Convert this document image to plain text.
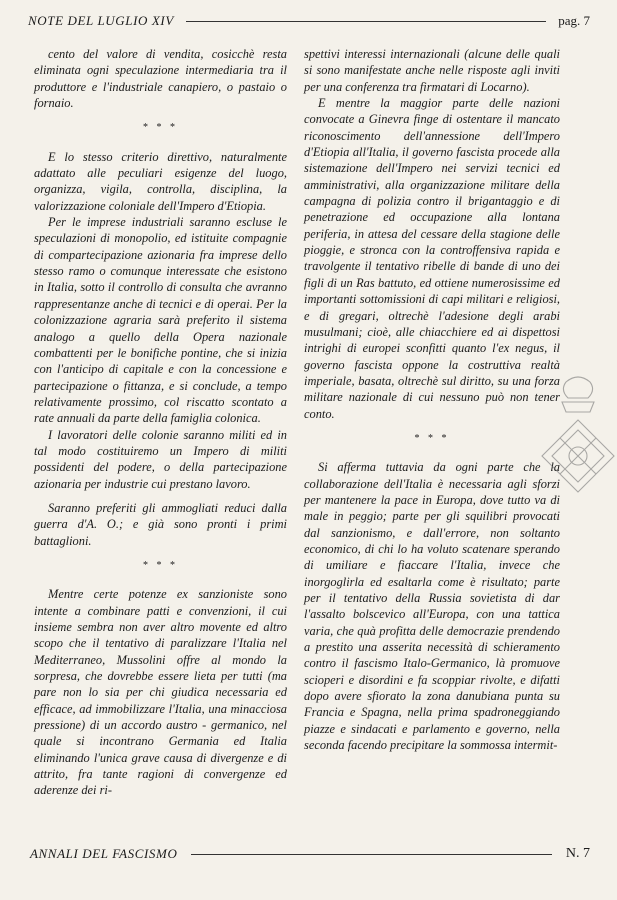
NOTE DEL LUGLIO XIV	pag. 7

cento del valore di vendita, cosicchè resta eliminata ogni speculazione intermediaria tra il produttore e l'industriale canapiero, o pastaio o fornaio.

* * *

E lo stesso criterio direttivo, naturalmente adattato alle peculiari esigenze del luogo, organizza, vigila, controlla, disciplina, la valorizzazione coloniale dell'Impero d'Etiopia.

Per le imprese industriali saranno escluse le speculazioni di monopolio, ed istituite compagnie di compartecipazione azionaria fra imprese dello stesso ramo o comunque interessate che esistono in Italia, sotto il controllo di consulta che avranno rappresentanze anche di tecnici e di operai. Per la colonizzazione agraria sarà preferito il sistema analogo a quello della Opera nazionale combattenti per le bonifiche pontine, che si inizia con l'anticipo di capitale e con la concessione e partecipazione o fittanza, e si conclude, a tempo relativamente prossimo, col riscatto scontato a rate annuali da parte della famiglia colonica.

I lavoratori delle colonie saranno militi ed in tal modo costituiremo un Impero di militi possidenti del podere, o della partecipazione azionaria per industrie cui prestano lavoro.

Saranno preferiti gli ammogliati reduci dalla guerra d'A. O.; e già sono pronti i primi battaglioni.

* * *

Mentre certe potenze ex sanzioniste sono intente a combinare patti e convenzioni, il cui insieme sembra non aver altro movente ed altro scopo che il tentativo di paralizzare l'Italia nel Mediterraneo, Mussolini offre al mondo la sorpresa, che dovrebbe essere lieta per tutti (ma pare non lo sia per chi giudica necessaria ed efficace, ad immobilizzare l'Italia, una minacciosa pressione) di un accordo austro - germanico, nel quale si incontrano Germania ed Italia eliminando l'unica grave causa di divergenze e di attrito, fra tante ragioni di convergenze ed aderenze dei ri-

spettivi interessi internazionali (alcune delle quali si sono manifestate anche nelle risposte agli inviti per una conferenza tra firmatari di Locarno).

E mentre la maggior parte delle nazioni convocate a Ginevra finge di ostentare il mancato riconoscimento dell'annessione dell'Impero d'Etiopia all'Italia, il governo fascista procede alla sistemazione dell'Impero nei servizi tecnici ed amministrativi, alla organizzazione militare della campagna di polizia contro il brigantaggio e di penetrazione ed occupazione alla lontana periferia, in attesa del cessare della stagione delle pioggie, e stronca con la controffensiva rapida e travolgente il tentativo ribelle di bande di uno dei figli di un Ras battuto, ed ottiene numerosissime ed importanti sottomissioni di capi militari e religiosi, e di gregari, oltrechè l'adesione degli arabi musulmani; cioè, alle chiacchiere ed ai dispettosi intrighi di europei sconfitti quanto l'ex negus, il governo fascista oppone la costruttiva realtà imperiale, basata, oltrechè sul diritto, su una forza militare nazionale di cui nessuno può non tener conto.

* * *

Si afferma tuttavia da ogni parte che la collaborazione dell'Italia è necessaria agli sforzi per mantenere la pace in Europa, dove tutto va di male in peggio; parte per gli squilibri provocati dal sanzionismo, e dall'errore, non soltanto economico, di chi lo ha voluto scatenare sperando di umiliare e fiaccare l'Italia, invece che inorgoglirla ed esaltarla come è risultato; parte per il tentativo della Russia sovietista di dar l'assalto bolscevico all'Europa, con una tattica varia, che quà profitta delle democrazie prendendo a prestito una asserita necessità di schieramento contro il fascismo Italo-Germanico, là promuove scioperi e disordini e fa scoppiar rivolte, e difatti dopo avere sfiorato la zona danubiana punta su Francia e Spagna, nella prima spadroneggiando piazze e sindacati e parlamento e governo, nella seconda facendo precipitare la sommossa intermit-

ANNALI DEL FASCISMO	N. 7
